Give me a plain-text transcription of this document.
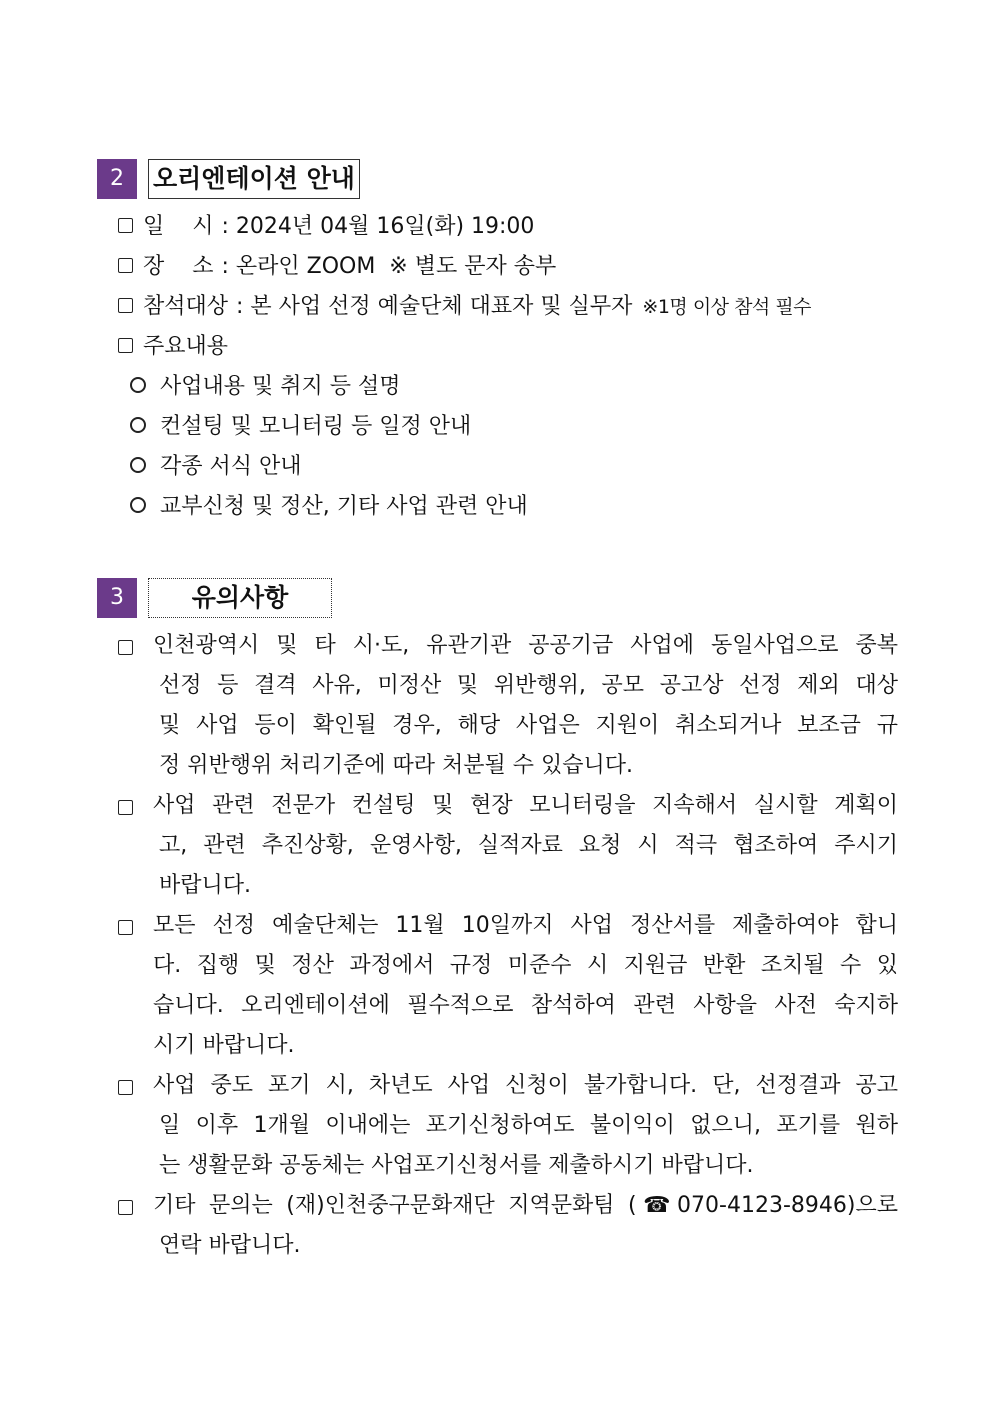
2	오리엔테이션 안내
일    시 : 2024년 04월 16일(화) 19:00
장    소 : 온라인 ZOOM  ※ 별도 문자 송부
참석대상 : 본 사업 선정 예술단체 대표자 및 실무자 ※1명 이상 참석 필수
주요내용
사업내용 및 취지 등 설명
컨설팅 및 모니터링 등 일정 안내
각종 서식 안내
교부신청 및 정산, 기타 사업 관련 안내
3	유의사항
인천광역시 및 타 시·도, 유관기관 공공기금 사업에 동일사업으로 중복
선정 등 결격 사유, 미정산 및 위반행위, 공모 공고상 선정 제외 대상
및 사업 등이 확인될 경우, 해당 사업은 지원이 취소되거나 보조금 규
정 위반행위 처리기준에 따라 처분될 수 있습니다.
사업 관련 전문가 컨설팅 및 현장 모니터링을 지속해서 실시할 계획이
고, 관련 추진상황, 운영사항, 실적자료 요청 시 적극 협조하여 주시기
바랍니다.
모든 선정 예술단체는 11월 10일까지 사업 정산서를 제출하여야 합니
다. 집행 및 정산 과정에서 규정 미준수 시 지원금 반환 조치될 수 있
습니다. 오리엔테이션에 필수적으로 참석하여 관련 사항을 사전 숙지하
시기 바랍니다.
사업 중도 포기 시, 차년도 사업 신청이 불가합니다. 단, 선정결과 공고
일 이후 1개월 이내에는 포기신청하여도 불이익이 없으니, 포기를 원하
는 생활문화 공동체는 사업포기신청서를 제출하시기 바랍니다.
기타 문의는 (재)인천중구문화재단 지역문화팀 (☎070-4123-8946)으로
연락 바랍니다.
